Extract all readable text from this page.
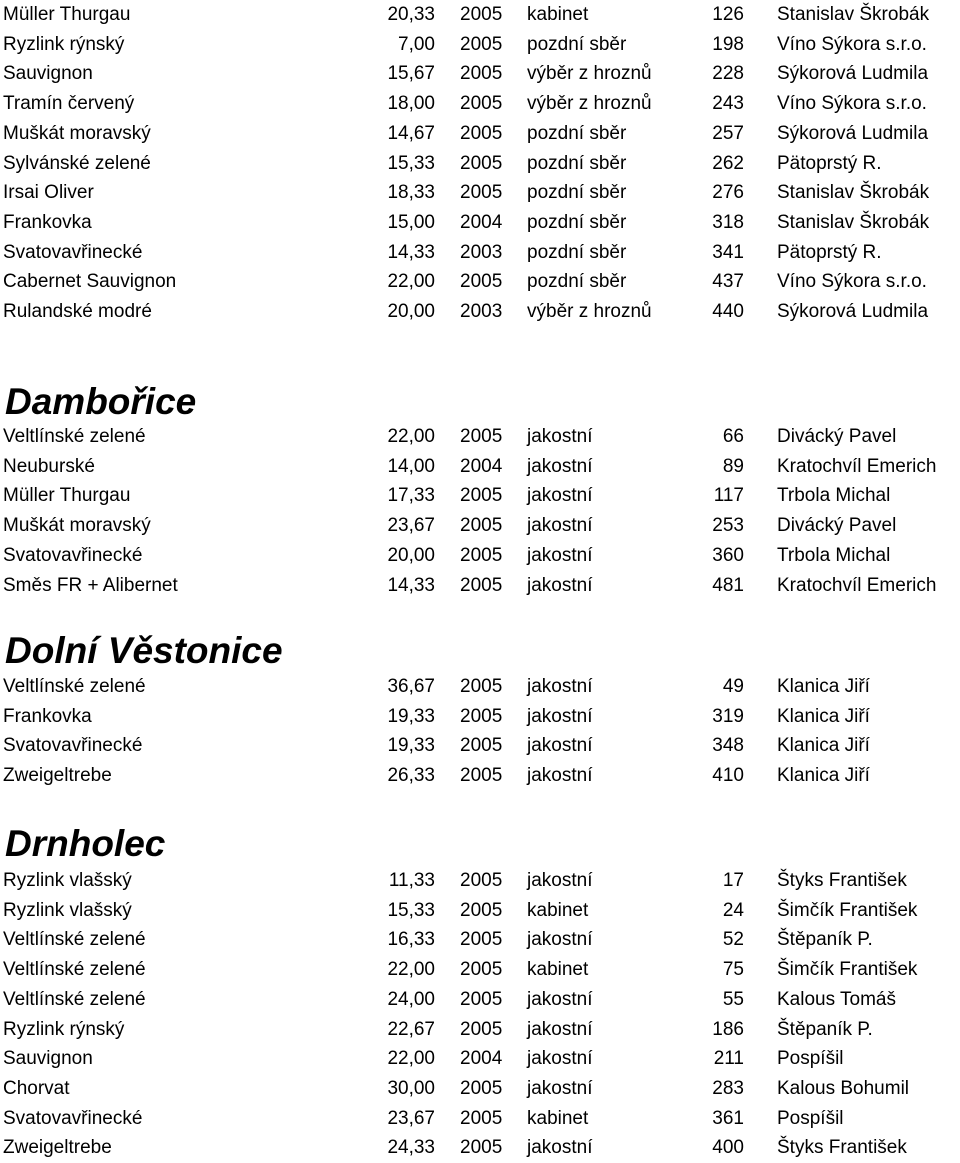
Müller Thurgau	20,33 2005 kabinet	126 Stanislav Škrobák
Ryzlink rýnský	7,00 2005 pozdní sběr	198 Víno Sýkora s.r.o.
Sauvignon	15,67 2005 výběr z hroznů	228 Sýkorová Ludmila
Tramín červený	18,00 2005 výběr z hroznů	243 Víno Sýkora s.r.o.
Muškát moravský	14,67 2005 pozdní sběr	257 Sýkorová Ludmila
Sylvánské zelené	15,33 2005 pozdní sběr	262 Pätoprstý R.
Irsai Oliver	18,33 2005 pozdní sběr	276 Stanislav Škrobák
Frankovka	15,00 2004 pozdní sběr	318 Stanislav Škrobák
Svatovavřinecké	14,33 2003 pozdní sběr	341 Pätoprstý R.
Cabernet Sauvignon	22,00 2005 pozdní sběr	437 Víno Sýkora s.r.o.
Rulandské modré	20,00 2003 výběr z hroznů	440 Sýkorová Ludmila
Dambořice
Veltlínské zelené	22,00 2005 jakostní	66 Divácký Pavel
Neuburské	14,00 2004 jakostní	89 Kratochvíl Emerich
Müller Thurgau	17,33 2005 jakostní	117 Trbola Michal
Muškát moravský	23,67 2005 jakostní	253 Divácký Pavel
Svatovavřinecké	20,00 2005 jakostní	360 Trbola Michal
Směs FR + Alibernet	14,33 2005 jakostní	481 Kratochvíl Emerich
Dolní Věstonice
Veltlínské zelené	36,67 2005 jakostní	49 Klanica Jiří
Frankovka	19,33 2005 jakostní	319 Klanica Jiří
Svatovavřinecké	19,33 2005 jakostní	348 Klanica Jiří
Zweigeltrebe	26,33 2005 jakostní	410 Klanica Jiří
Drnholec
Ryzlink vlašský	11,33 2005 jakostní	17 Štyks František
Ryzlink vlašský	15,33 2005 kabinet	24 Šimčík František
Veltlínské zelené	16,33 2005 jakostní	52 Štěpaník P.
Veltlínské zelené	22,00 2005 kabinet	75 Šimčík František
Veltlínské zelené	24,00 2005 jakostní	55 Kalous Tomáš
Ryzlink rýnský	22,67 2005 jakostní	186 Štěpaník P.
Sauvignon	22,00 2004 jakostní	211 Pospíšil
Chorvat	30,00 2005 jakostní	283 Kalous Bohumil
Svatovavřinecké	23,67 2005 kabinet	361 Pospíšil
Zweigeltrebe	24,33 2005 jakostní	400 Štyks František
